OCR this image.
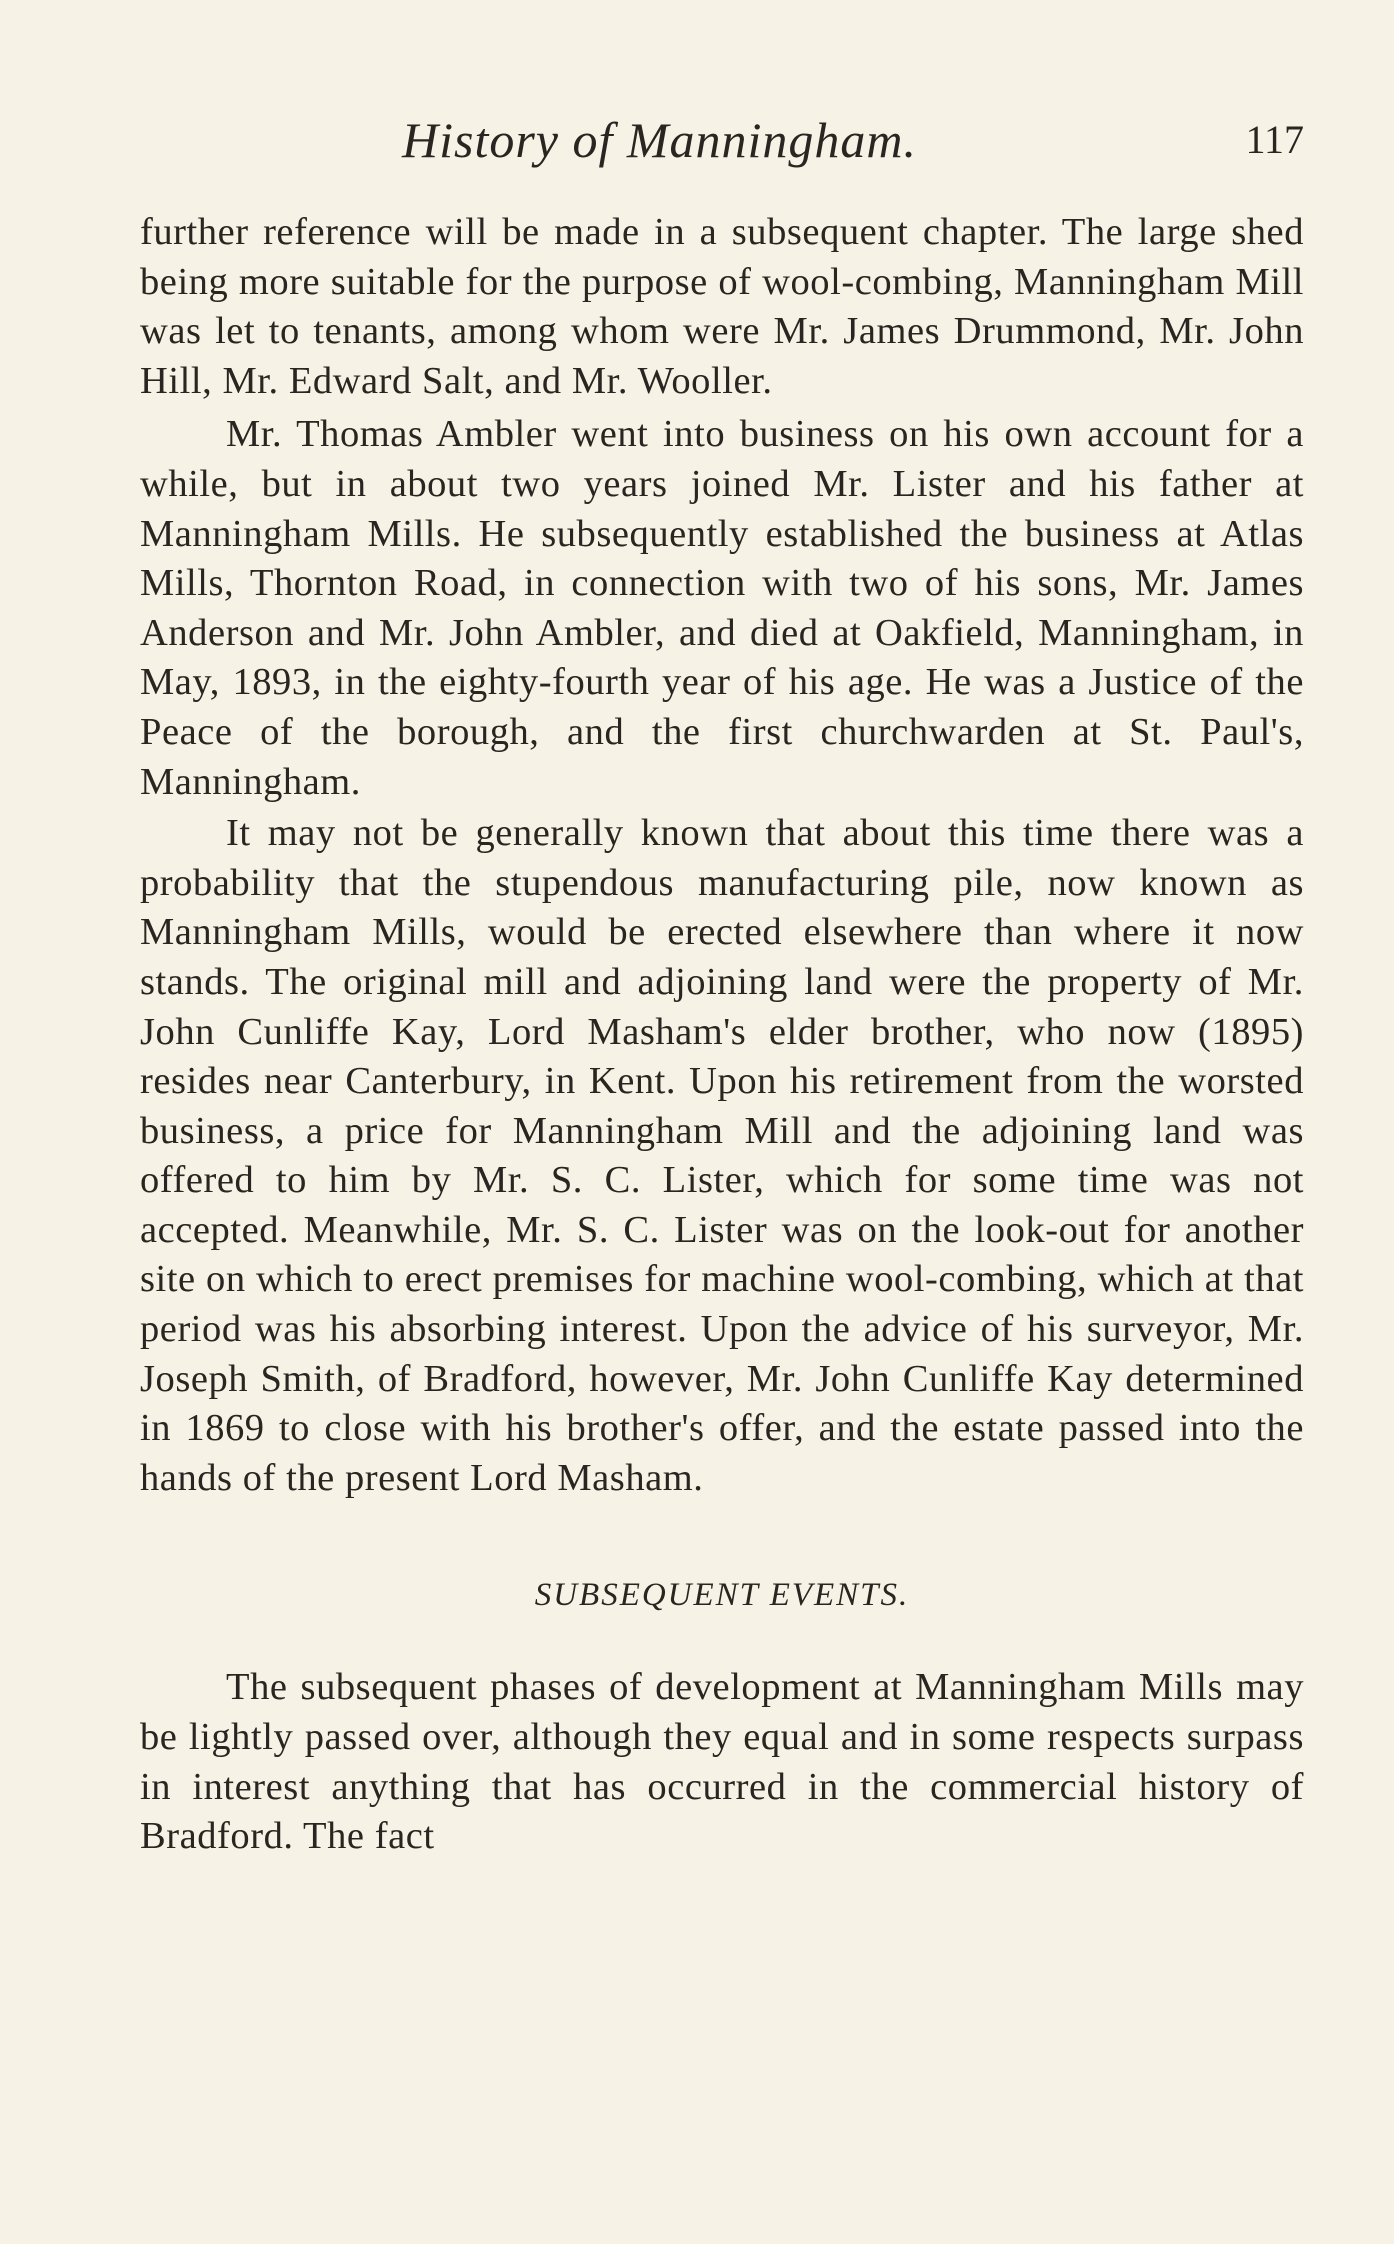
History of Manningham.	117

further reference will be made in a subsequent chapter. The large shed being more suitable for the purpose of wool-combing, Manningham Mill was let to tenants, among whom were Mr. James Drummond, Mr. John Hill, Mr. Edward Salt, and Mr. Wooller.

Mr. Thomas Ambler went into business on his own account for a while, but in about two years joined Mr. Lister and his father at Manningham Mills. He subsequently established the business at Atlas Mills, Thornton Road, in connection with two of his sons, Mr. James Anderson and Mr. John Ambler, and died at Oakfield, Manningham, in May, 1893, in the eighty-fourth year of his age. He was a Justice of the Peace of the borough, and the first churchwarden at St. Paul's, Manningham.

It may not be generally known that about this time there was a probability that the stupendous manufacturing pile, now known as Manningham Mills, would be erected elsewhere than where it now stands. The original mill and adjoining land were the property of Mr. John Cunliffe Kay, Lord Masham's elder brother, who now (1895) resides near Canterbury, in Kent. Upon his retirement from the worsted business, a price for Manningham Mill and the adjoining land was offered to him by Mr. S. C. Lister, which for some time was not accepted. Meanwhile, Mr. S. C. Lister was on the look-out for another site on which to erect premises for machine wool-combing, which at that period was his absorbing interest. Upon the advice of his surveyor, Mr. Joseph Smith, of Bradford, however, Mr. John Cunliffe Kay determined in 1869 to close with his brother's offer, and the estate passed into the hands of the present Lord Masham.

SUBSEQUENT EVENTS.

The subsequent phases of development at Manningham Mills may be lightly passed over, although they equal and in some respects surpass in interest anything that has occurred in the commercial history of Bradford. The fact
